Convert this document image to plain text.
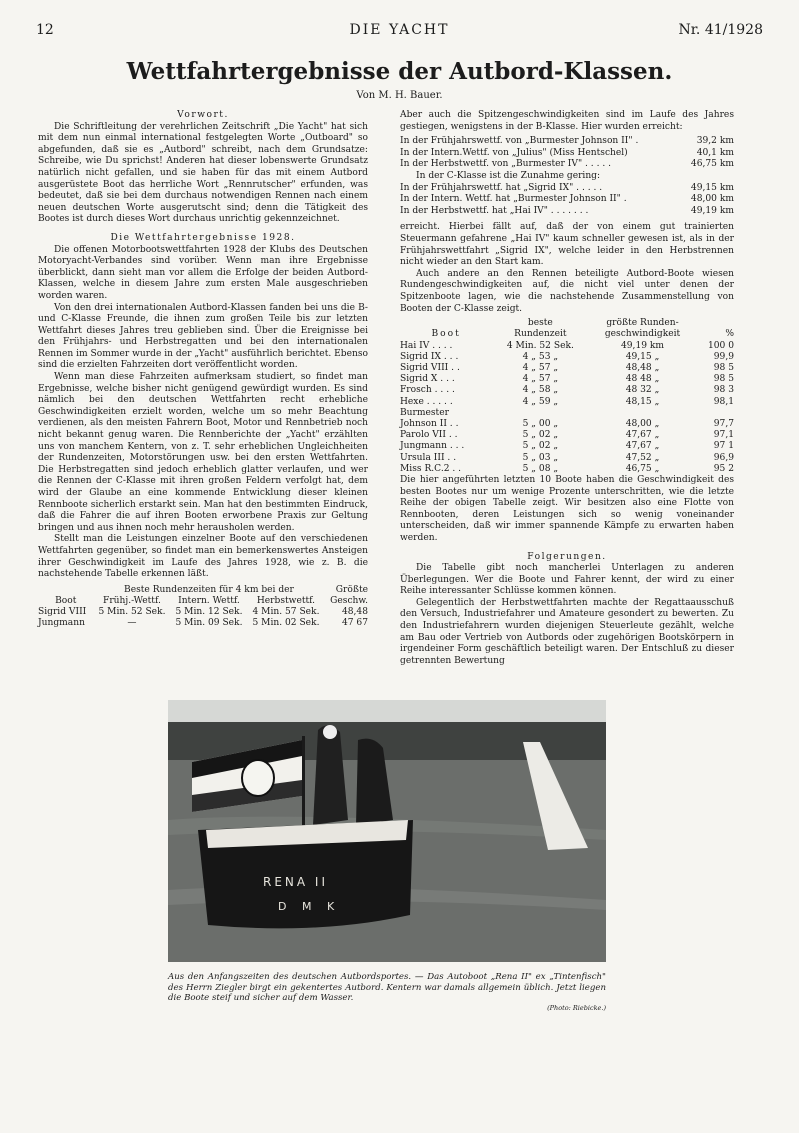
12	DIE YACHT	Nr. 41/1928
Wettfahrtergebnisse der Autbord-Klassen.
Von M. H. Bauer.

Vorwort.

Die Schriftleitung der verehrlichen Zeitschrift „Die Yacht" hat sich mit dem nun einmal international festgelegten Worte „Outboard" so abgefunden, daß sie es „Autbord" schreibt, nach dem Grundsatze: Schreibe, wie Du sprichst! Anderen hat dieser lobenswerte Grundsatz natürlich nicht gefallen, und sie haben für das mit einem Autbord ausgerüstete Boot das herrliche Wort „Rennrutscher" erfunden, was bedeutet, daß sie bei dem durchaus notwendigen Rennen nach einem neuen deutschen Worte ausgerutscht sind; denn die Tätigkeit des Bootes ist durch dieses Wort durchaus unrichtig gekennzeichnet.

Die Wettfahrtergebnisse 1928.

Die offenen Motorbootswettfahrten 1928 der Klubs des Deutschen Motoryacht-Verbandes sind vorüber. Wenn man ihre Ergebnisse überblickt, dann sieht man vor allem die Erfolge der beiden Autbord-Klassen, welche in diesem Jahre zum ersten Male ausgeschrieben worden waren.

Von den drei internationalen Autbord-Klassen fanden bei uns die B- und C-Klasse Freunde, die ihnen zum großen Teile bis zur letzten Wettfahrt dieses Jahres treu geblieben sind. Über die Ereignisse bei den Frühjahrs- und Herbstregatten und bei den internationalen Rennen im Sommer wurde in der „Yacht" ausführlich berichtet. Ebenso sind die erzielten Fahrzeiten dort veröffentlicht worden.

Wenn man diese Fahrzeiten aufmerksam studiert, so findet man Ergebnisse, welche bisher nicht genügend gewürdigt wurden. Es sind nämlich bei den deutschen Wettfahrten recht erhebliche Geschwindigkeiten erzielt worden, welche um so mehr Beachtung verdienen, als den meisten Fahrern Boot, Motor und Rennbetrieb noch nicht bekannt genug waren. Die Rennberichte der „Yacht" erzählten uns von manchem Kentern, von z. T. sehr erheblichen Ungleichheiten der Rundenzeiten, Motorstörungen usw. bei den ersten Wettfahrten. Die Herbstregatten sind jedoch erheblich glatter verlaufen, und wer die Rennen der C-Klasse mit ihren großen Feldern verfolgt hat, dem wird der Glaube an eine kommende Entwicklung dieser kleinen Rennboote sicherlich erstarkt sein. Man hat den bestimmten Eindruck, daß die Fahrer die auf ihren Booten erworbene Praxis zur Geltung bringen und aus ihnen noch mehr herausholen werden.

Stellt man die Leistungen einzelner Boote auf den verschiedenen Wettfahrten gegenüber, so findet man ein bemerkenswertes Ansteigen ihrer Geschwindigkeit im Laufe des Jahres 1928, wie z. B. die nachstehende Tabelle erkennen läßt.

	Beste Rundenzeiten für 4 km bei der			Größte
Boot	Frühj.-Wettf.	Intern. Wettf.	Herbstwettf.	Geschw.
Sigrid VIII	5 Min. 52 Sek.	5 Min. 12 Sek.	4 Min. 57 Sek.	48,48
Jungmann	—	5 Min. 09 Sek.	5 Min. 02 Sek.	47 67

Aber auch die Spitzengeschwindigkeiten sind im Laufe des Jahres gestiegen, wenigstens in der B-Klasse. Hier wurden erreicht:

In der Frühjahrswettf. von „Burmester Johnson II" .	39,2 km
In der Intern.Wettf. von „Julius" (Miss Hentschel)	40,1 km
In der Herbstwettf. von „Burmester IV" . . . . .	46,75 km

In der C-Klasse ist die Zunahme gering:

In der Frühjahrswettf. hat „Sigrid IX" . . . . .	49,15 km
In der Intern. Wettf. hat „Burmester Johnson II" .	48,00 km
In der Herbstwettf. hat „Hai IV" . . . . . . .	49,19 km

erreicht. Hierbei fällt auf, daß der von einem gut trainierten Steuermann gefahrene „Hai IV" kaum schneller gewesen ist, als in der Frühjahrswettfahrt „Sigrid IX", welche leider in den Herbstrennen nicht wieder an den Start kam.

Auch andere an den Rennen beteiligte Autbord-Boote wiesen Rundengeschwindigkeiten auf, die nicht viel unter denen der Spitzenboote lagen, wie die nachstehende Zusammenstellung von Booten der C-Klasse zeigt.

	beste	größte Runden-	
Boot	Rundenzeit	geschwindigkeit	%
Hai IV . . . .	4 Min. 52 Sek.	49,19 km	100 0
Sigrid IX . . .	4 „ 53 „	49,15 „	99,9
Sigrid VIII . .	4 „ 57 „	48,48 „	98 5
Sigrid X . . .	4 „ 57 „	48 48 „	98 5
Frosch . . . .	4 „ 58 „	48 32 „	98 3
Hexe . . . . .	4 „ 59 „	48,15 „	98,1
Burmester			
Johnson II . .	5 „ 00 „	48,00 „	97,7
Parolo VII . .	5 „ 02 „	47,67 „	97,1
Jungmann . . .	5 „ 02 „	47,67 „	97 1
Ursula III . .	5 „ 03 „	47,52 „	96,9
Miss R.C.2 . .	5 „ 08 „	46,75 „	95 2

Die hier angeführten letzten 10 Boote haben die Geschwindigkeit des besten Bootes nur um wenige Prozente unterschritten, wie die letzte Reihe der obigen Tabelle zeigt. Wir besitzen also eine Flotte von Rennbooten, deren Leistungen sich so wenig voneinander unterscheiden, daß wir immer spannende Kämpfe zu erwarten haben werden.

Folgerungen.

Die Tabelle gibt noch mancherlei Unterlagen zu anderen Überlegungen. Wer die Boote und Fahrer kennt, der wird zu einer Reihe interessanter Schlüsse kommen können.

Gelegentlich der Herbstwettfahrten machte der Regattaausschuß den Versuch, Industriefahrer und Amateure gesondert zu bewerten. Zu den Industriefahrern wurden diejenigen Steuerleute gezählt, welche am Bau oder Vertrieb von Autbords oder zugehörigen Bootskörpern in irgendeiner Form geschäftlich beteiligt waren. Der Entschluß zu dieser getrennten Bewertung

RENA II
D M K
Aus den Anfangszeiten des deutschen Autbordsportes. — Das Autoboot „Rena II" ex „Tintenfisch" des Herrn Ziegler birgt ein gekentertes Autbord. Kentern war damals allgemein üblich. Jetzt liegen die Boote steif und sicher auf dem Wasser.
(Photo: Riebicke.)
